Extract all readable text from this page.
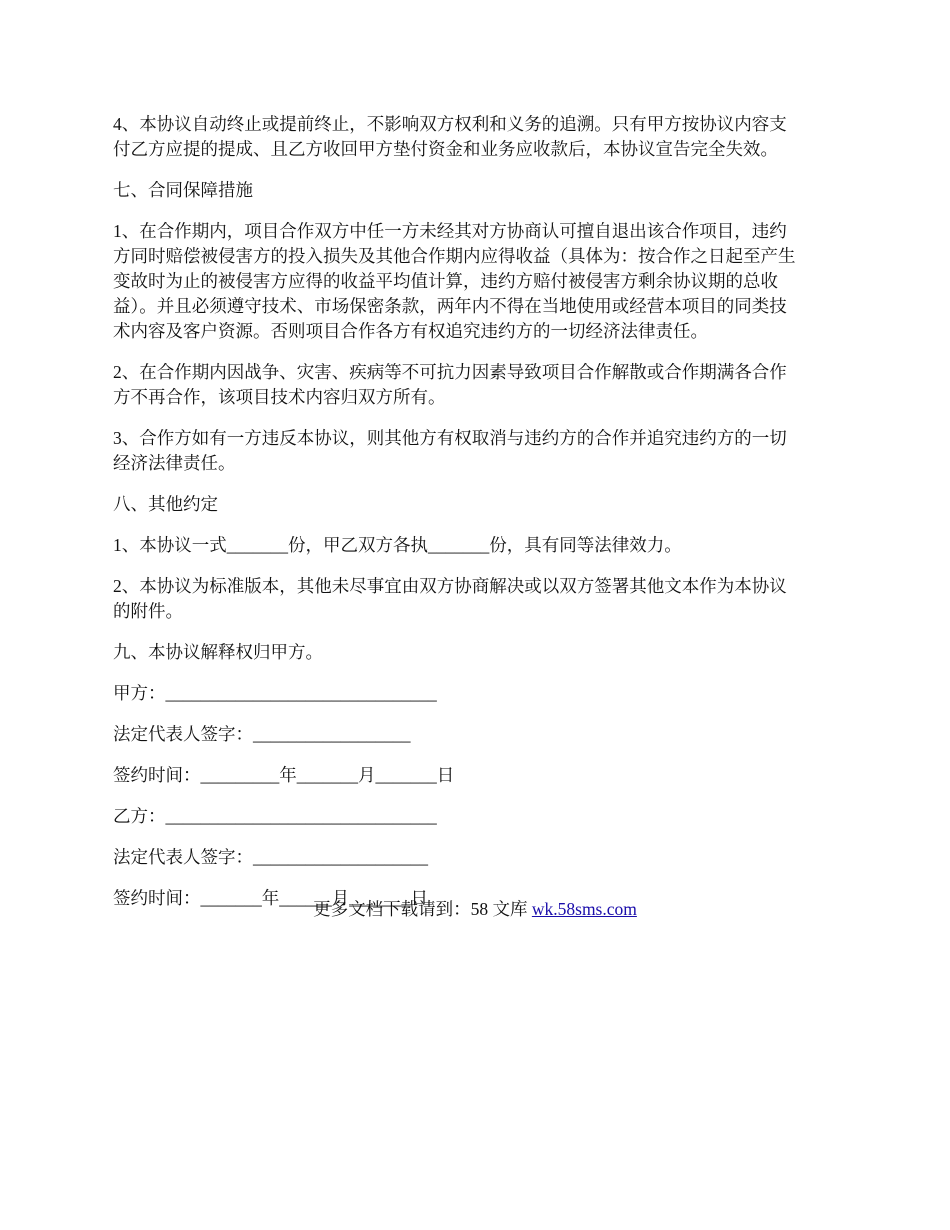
4、本协议自动终止或提前终止，不影响双方权利和义务的追溯。只有甲方按协议内容支
付乙方应提的提成、且乙方收回甲方垫付资金和业务应收款后，本协议宣告完全失效。

七、合同保障措施

1、在合作期内，项目合作双方中任一方未经其对方协商认可擅自退出该合作项目，违约
方同时赔偿被侵害方的投入损失及其他合作期内应得收益（具体为：按合作之日起至产生
变故时为止的被侵害方应得的收益平均值计算，违约方赔付被侵害方剩余协议期的总收
益）。并且必须遵守技术、市场保密条款，两年内不得在当地使用或经营本项目的同类技
术内容及客户资源。否则项目合作各方有权追究违约方的一切经济法律责任。

2、在合作期内因战争、灾害、疾病等不可抗力因素导致项目合作解散或合作期满各合作
方不再合作，该项目技术内容归双方所有。

3、合作方如有一方违反本协议，则其他方有权取消与违约方的合作并追究违约方的一切
经济法律责任。

八、其他约定

1、本协议一式_______份，甲乙双方各执_______份，具有同等法律效力。

2、本协议为标准版本，其他未尽事宜由双方协商解决或以双方签署其他文本作为本协议
的附件。

九、本协议解释权归甲方。

甲方：_______________________________

法定代表人签字：__________________

签约时间：_________年_______月_______日

乙方：_______________________________

法定代表人签字：____________________

签约时间：_______年______月_______日

更多文档下载请到：58 文库 wk.58sms.com
